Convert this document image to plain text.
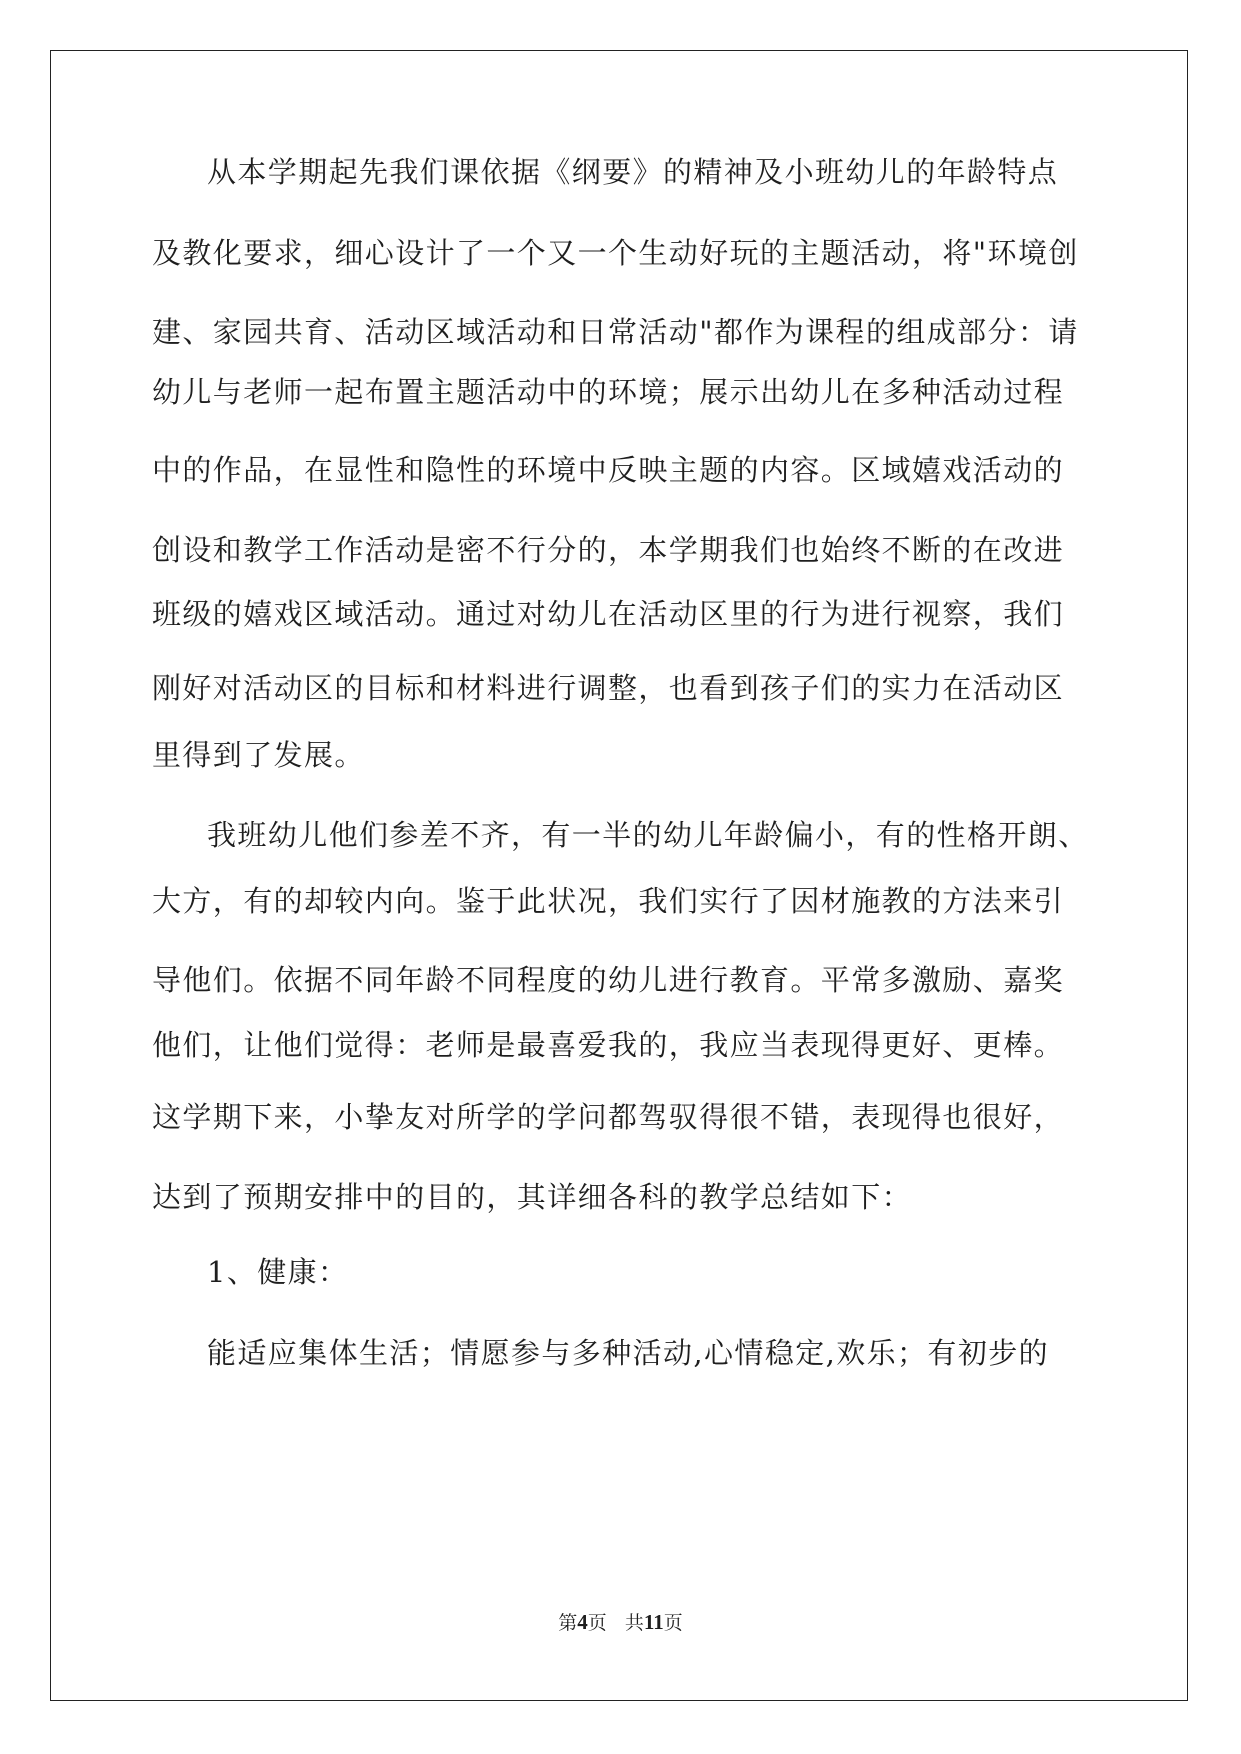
从本学期起先我们课依据《纲要》的精神及小班幼儿的年龄特点
及教化要求，细心设计了一个又一个生动好玩的主题活动，将"环境创
建、家园共育、活动区域活动和日常活动"都作为课程的组成部分：请
幼儿与老师一起布置主题活动中的环境；展示出幼儿在多种活动过程
中的作品，在显性和隐性的环境中反映主题的内容。区域嬉戏活动的
创设和教学工作活动是密不行分的，本学期我们也始终不断的在改进
班级的嬉戏区域活动。通过对幼儿在活动区里的行为进行视察，我们
刚好对活动区的目标和材料进行调整，也看到孩子们的实力在活动区
里得到了发展。
我班幼儿他们参差不齐，有一半的幼儿年龄偏小，有的性格开朗、
大方，有的却较内向。鉴于此状况，我们实行了因材施教的方法来引
导他们。依据不同年龄不同程度的幼儿进行教育。平常多激励、嘉奖
他们，让他们觉得：老师是最喜爱我的，我应当表现得更好、更棒。
这学期下来，小挚友对所学的学问都驾驭得很不错，表现得也很好，
达到了预期安排中的目的，其详细各科的教学总结如下：
1、健康：
能适应集体生活；情愿参与多种活动,心情稳定,欢乐；有初步的
第4页 共11页
